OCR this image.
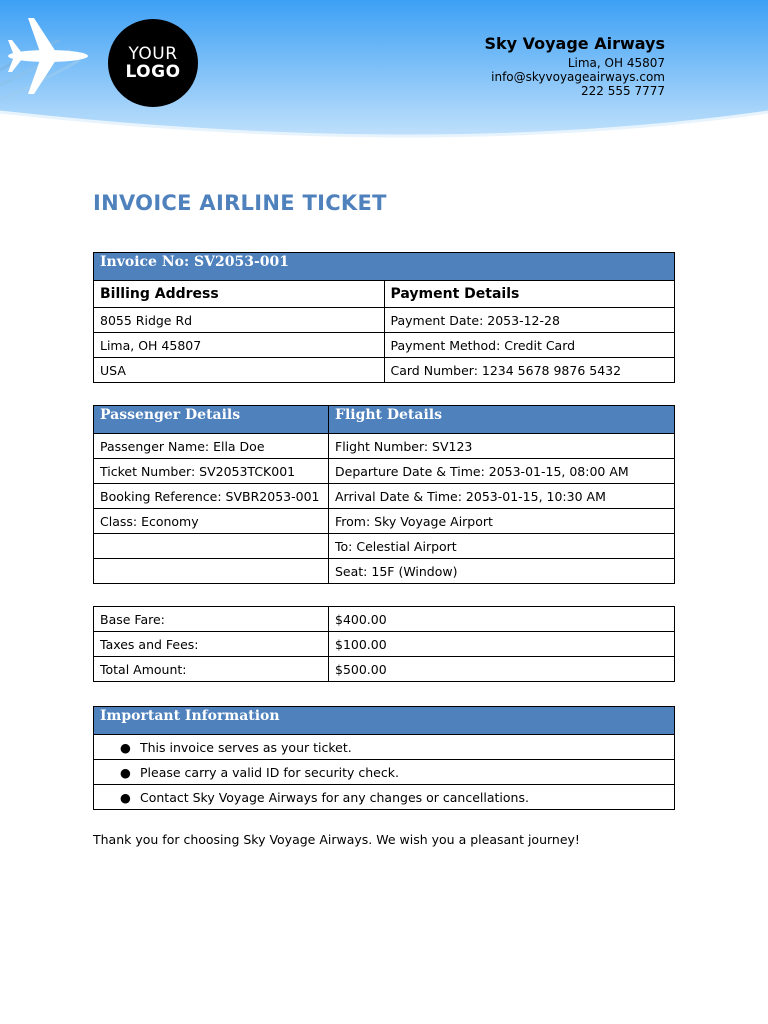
YOUR
LOGO
Sky Voyage Airways
Lima, OH 45807
info@skyvoyageairways.com
222 555 7777
INVOICE AIRLINE TICKET
Invoice No: SV2053-001	
Billing Address	Payment Details
8055 Ridge Rd	Payment Date: 2053-12-28
Lima, OH 45807	Payment Method: Credit Card
USA	Card Number: 1234 5678 9876 5432
Passenger Details	Flight Details
Passenger Name: Ella Doe	Flight Number: SV123
Ticket Number: SV2053TCK001	Departure Date & Time: 2053-01-15, 08:00 AM
Booking Reference: SVBR2053-001	Arrival Date & Time: 2053-01-15, 10:30 AM
Class: Economy	From: Sky Voyage Airport
	To: Celestial Airport
	Seat: 15F (Window)
Base Fare:	$400.00
Taxes and Fees:	$100.00
Total Amount:	$500.00
Important Information
● This invoice serves as your ticket.
● Please carry a valid ID for security check.
● Contact Sky Voyage Airways for any changes or cancellations.
Thank you for choosing Sky Voyage Airways. We wish you a pleasant journey!
